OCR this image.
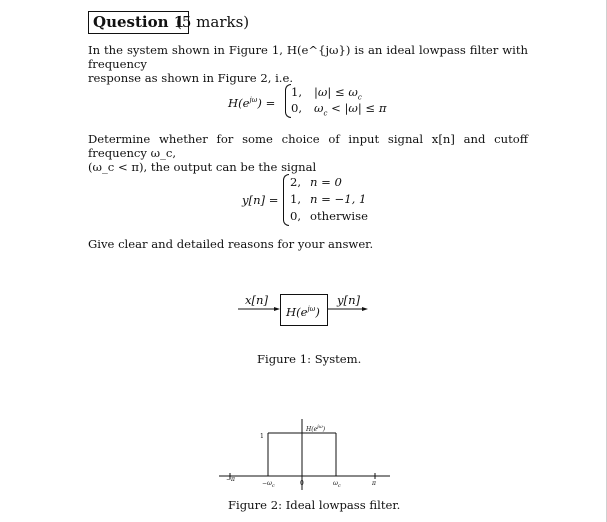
Question 1
(5 marks)
In the system shown in Figure 1, H(e^{jω}) is an ideal lowpass filter with frequency
response as shown in Figure 2, i.e.
$H(e^{j\omega})$ =
1, $|\omega| \le \omega_c$
0, $\omega_c < |\omega| \le \pi$
Determine whether for some choice of input signal x[n] and cutoff frequency ω_c,
(ω_c < π), the output can be the signal
y[n] =
2, n = 0
1, n = −1, 1
0, otherwise
Give clear and detailed reasons for your answer.
x[n]
$H(e^{j\omega})$
y[n]
Figure 1: System.
$H(e^{j\omega})$
1
−π
$-\omega_c$	0	$\omega_c$	π
Figure 2: Ideal lowpass filter.
